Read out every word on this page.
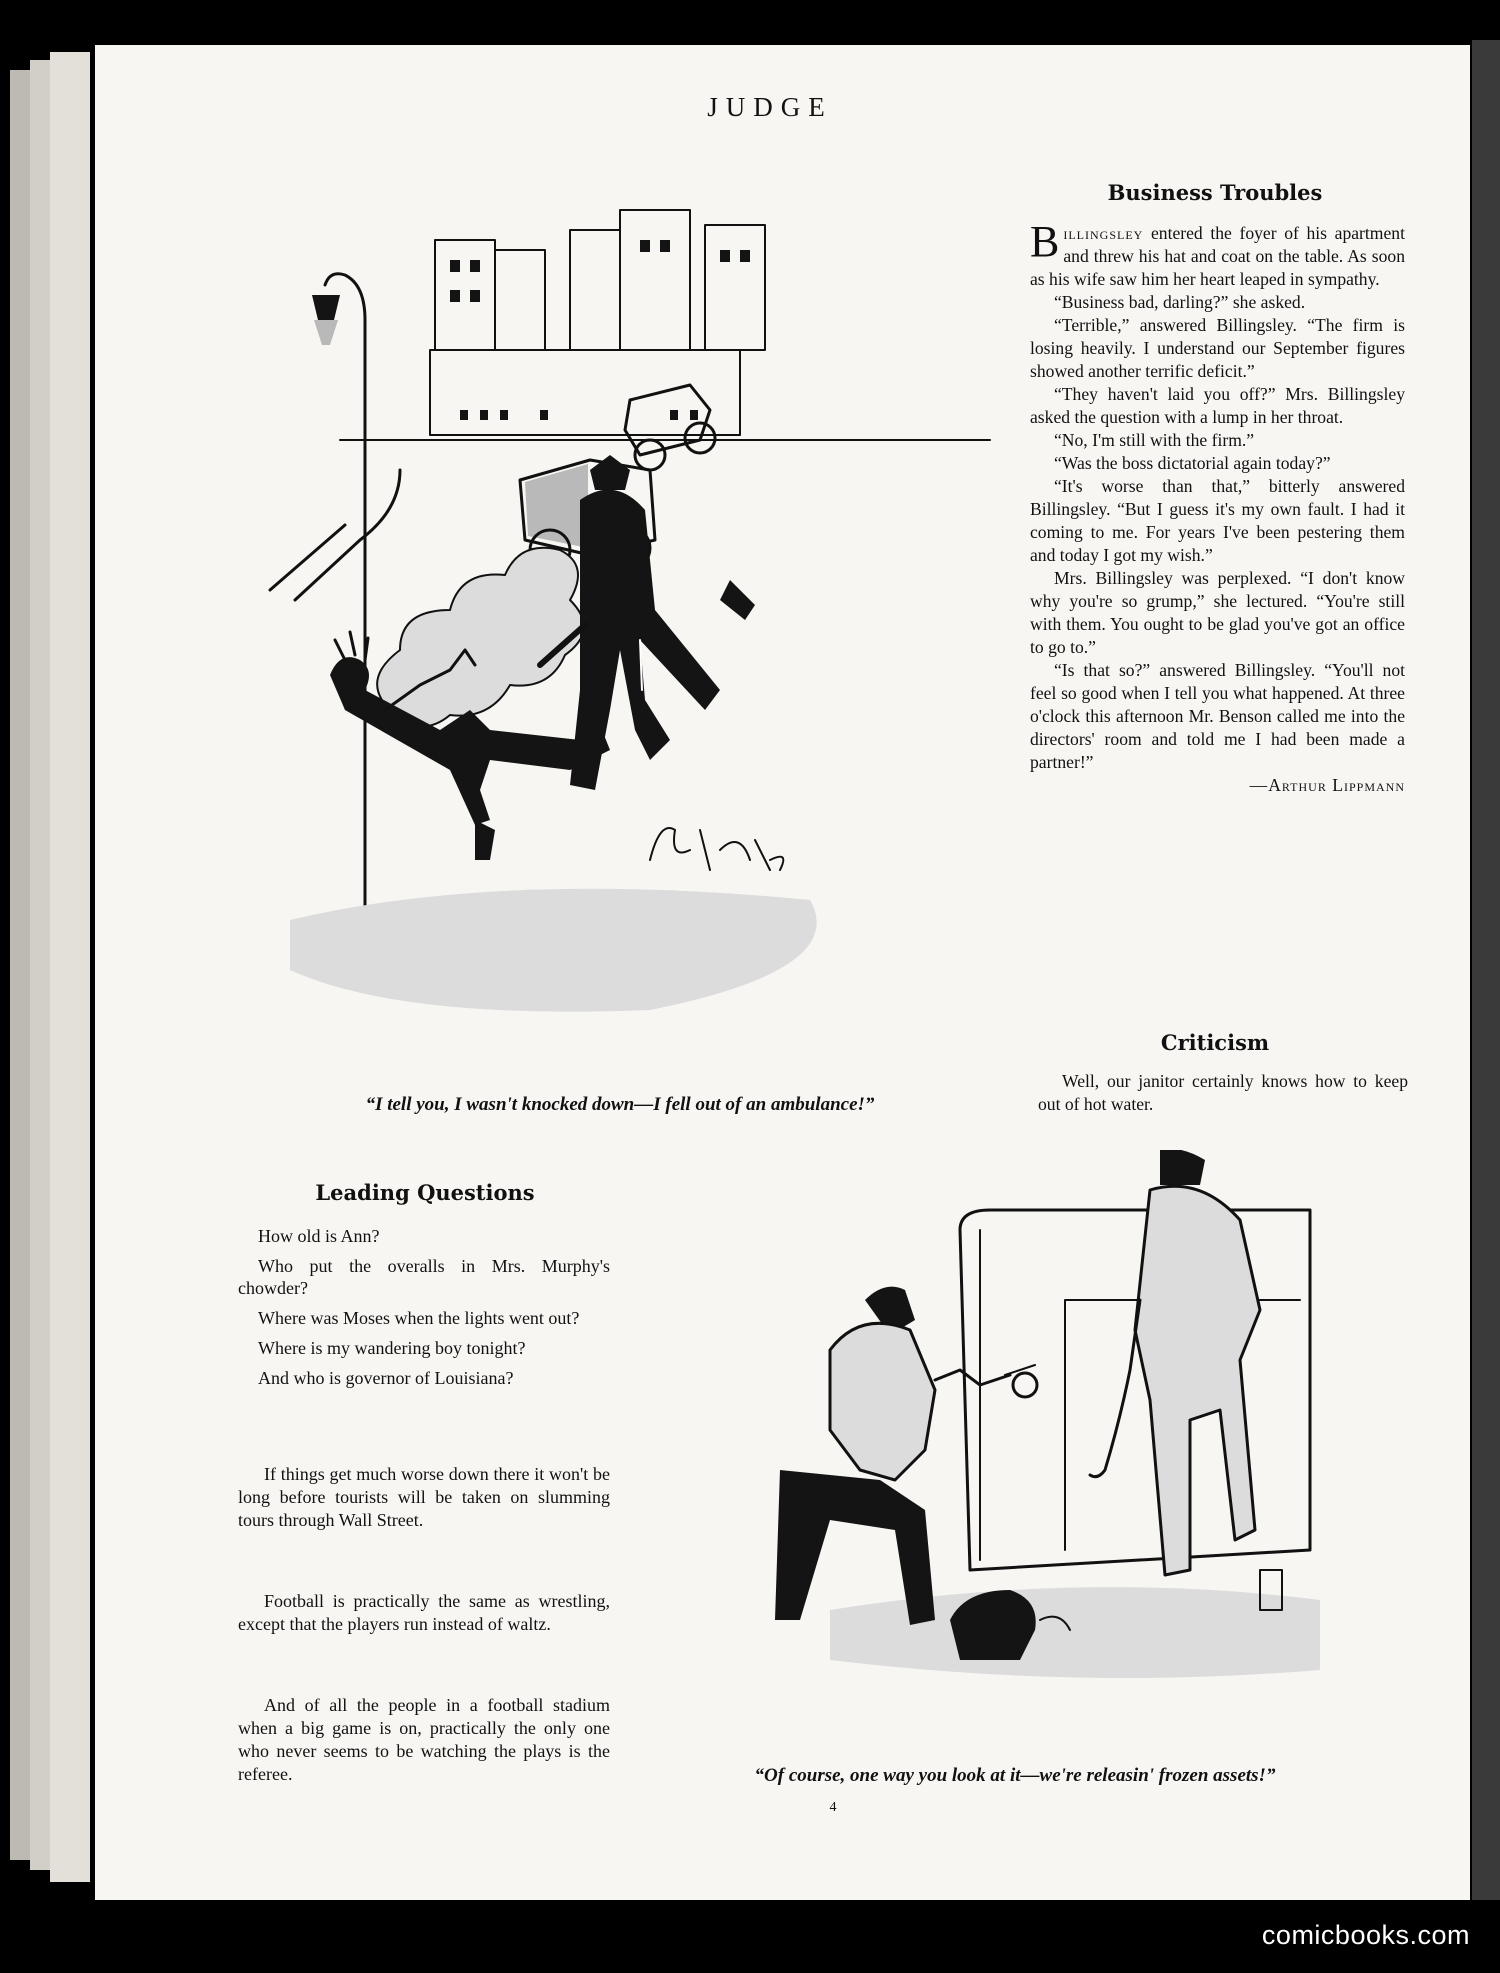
JUDGE
“I tell you, I wasn't knocked down—I fell out of an ambulance!”
Business Troubles

Billingsley entered the foyer of his apartment and threw his hat and coat on the table. As soon as his wife saw him her heart leaped in sympathy.

“Business bad, darling?” she asked.

“Terrible,” answered Billingsley. “The firm is losing heavily. I understand our September figures showed another terrific deficit.”

“They haven't laid you off?” Mrs. Billingsley asked the question with a lump in her throat.

“No, I'm still with the firm.”

“Was the boss dictatorial again today?”

“It's worse than that,” bitterly answered Billingsley. “But I guess it's my own fault. I had it coming to me. For years I've been pestering them and today I got my wish.”

Mrs. Billingsley was perplexed. “I don't know why you're so grump,” she lectured. “You're still with them. You ought to be glad you've got an office to go to.”

“Is that so?” answered Billingsley. “You'll not feel so good when I tell you what happened. At three o'clock this afternoon Mr. Benson called me into the directors' room and told me I had been made a partner!”

—Arthur Lippmann
Criticism

Well, our janitor certainly knows how to keep out of hot water.

Leading Questions

How old is Ann?

Who put the overalls in Mrs. Murphy's chowder?

Where was Moses when the lights went out?

Where is my wandering boy tonight?

And who is governor of Louisiana?

If things get much worse down there it won't be long before tourists will be taken on slumming tours through Wall Street.

Football is practically the same as wrestling, except that the players run instead of waltz.

And of all the people in a football stadium when a big game is on, practically the only one who never seems to be watching the plays is the referee.	“Of course, one way you look at it—we're releasin' frozen assets!”
4
comicbooks.com
